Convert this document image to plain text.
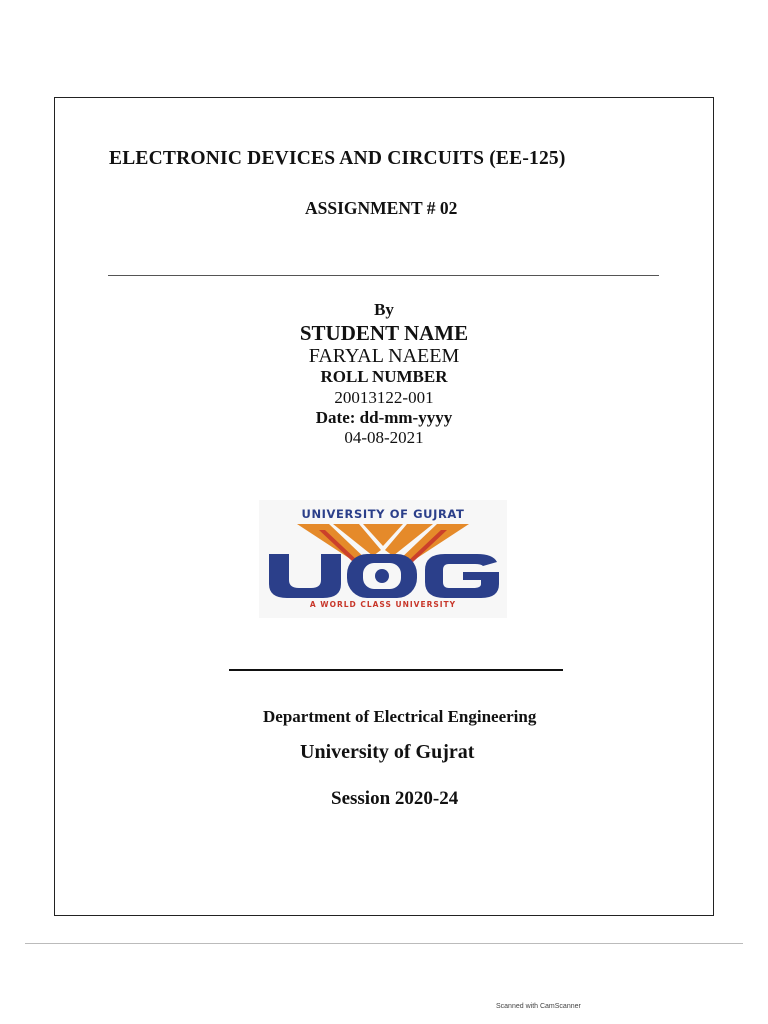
ELECTRONIC DEVICES AND CIRCUITS (EE-125)
ASSIGNMENT # 02
By
STUDENT NAME
FARYAL NAEEM
ROLL NUMBER
20013122-001
Date: dd-mm-yyyy
04-08-2021
UNIVERSITY OF GUJRAT
A WORLD CLASS UNIVERSITY
Department of Electrical Engineering
University of Gujrat
Session 2020-24
Scanned with CamScanner
